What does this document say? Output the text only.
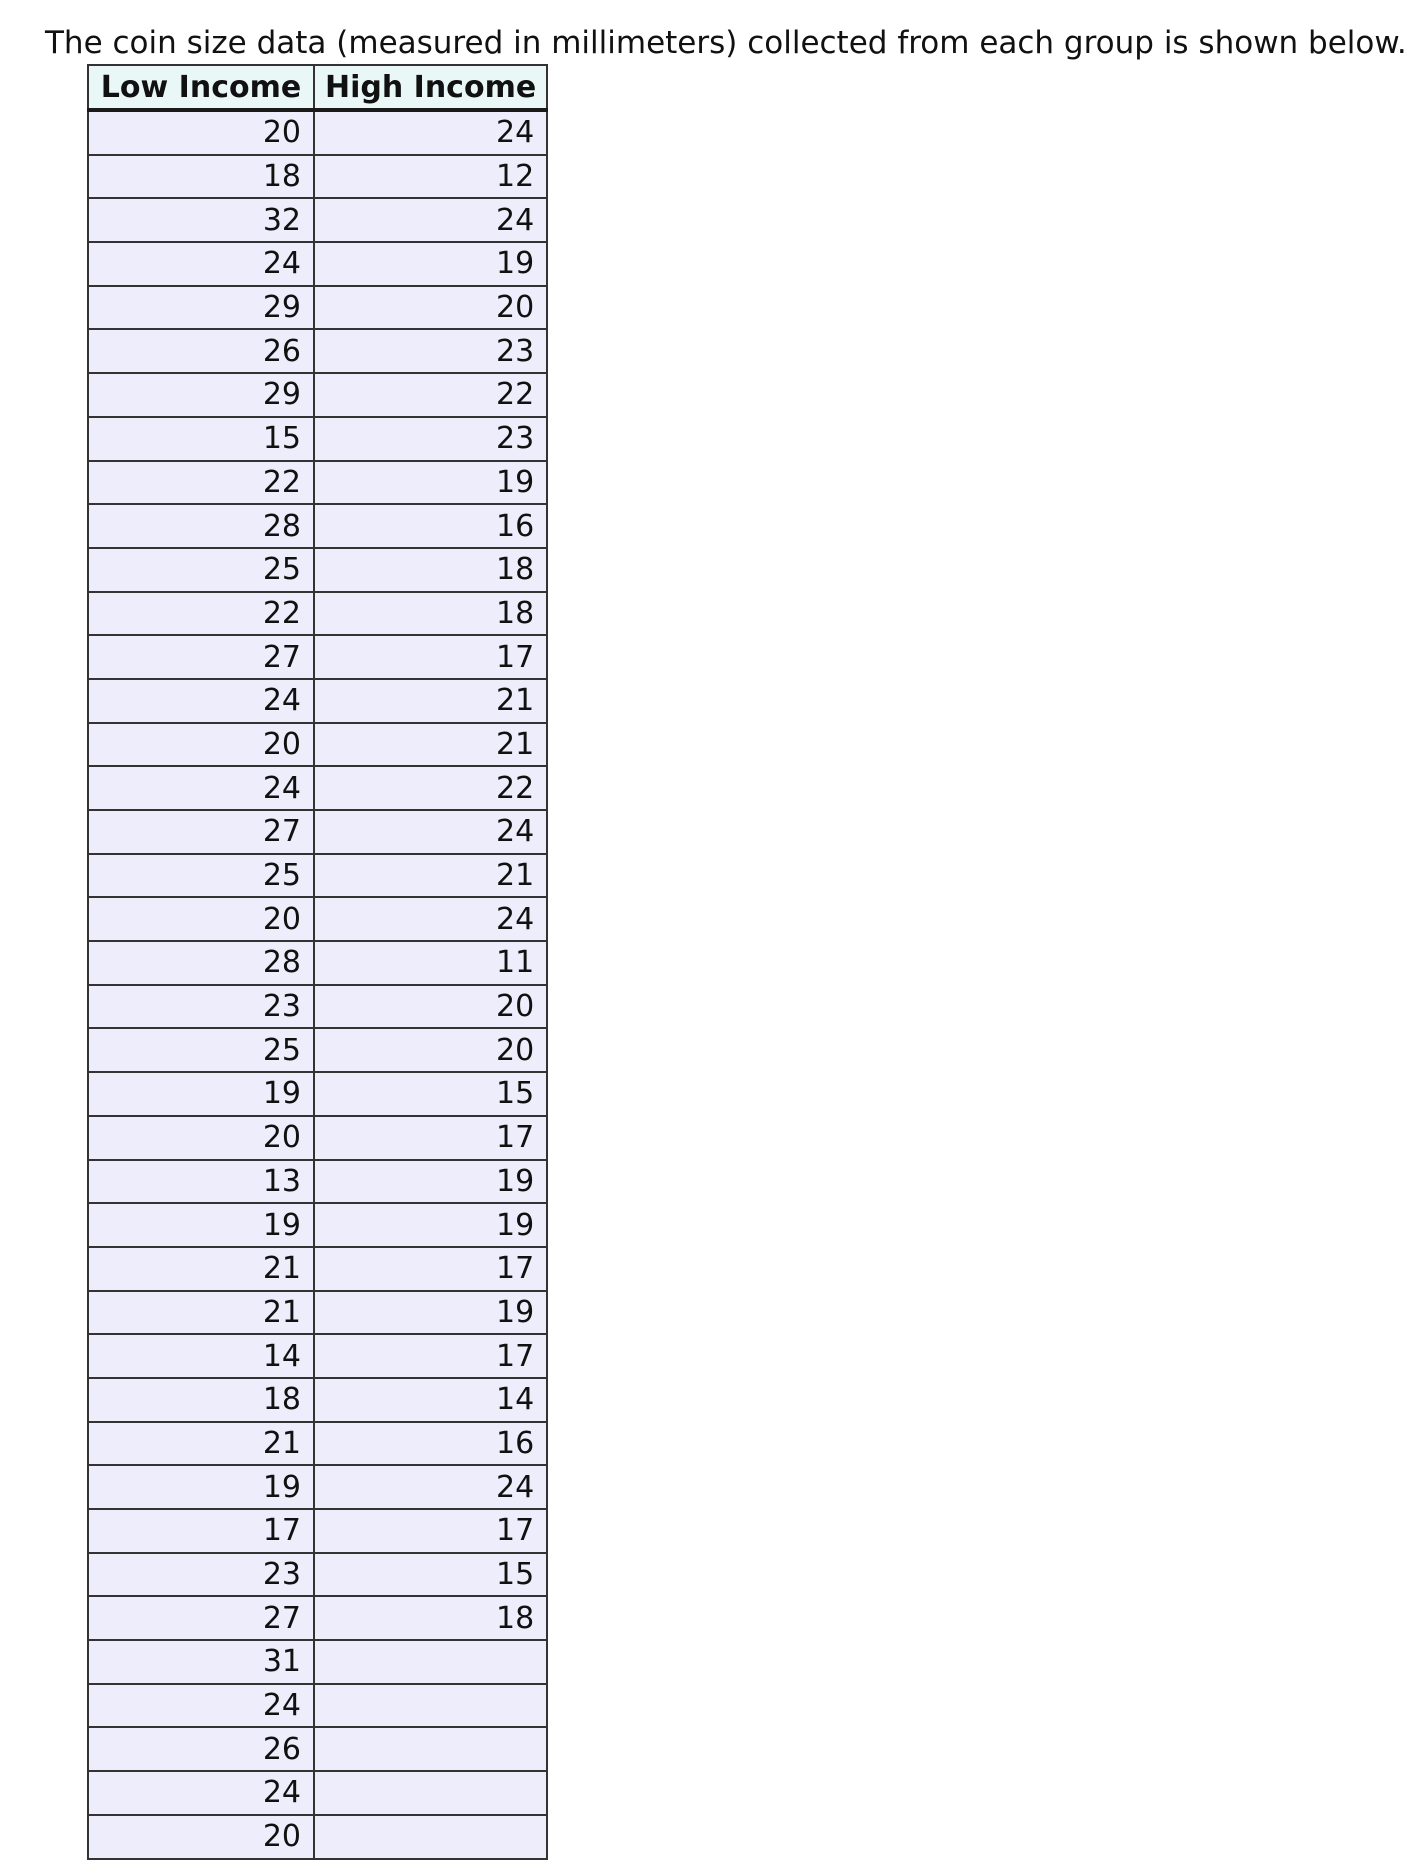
The coin size data (measured in millimeters) collected from each group is shown below.

Low Income	High Income
20	24
18	12
32	24
24	19
29	20
26	23
29	22
15	23
22	19
28	16
25	18
22	18
27	17
24	21
20	21
24	22
27	24
25	21
20	24
28	11
23	20
25	20
19	15
20	17
13	19
19	19
21	17
21	19
14	17
18	14
21	16
19	24
17	17
23	15
27	18
31	
24	
26	
24	
20	
